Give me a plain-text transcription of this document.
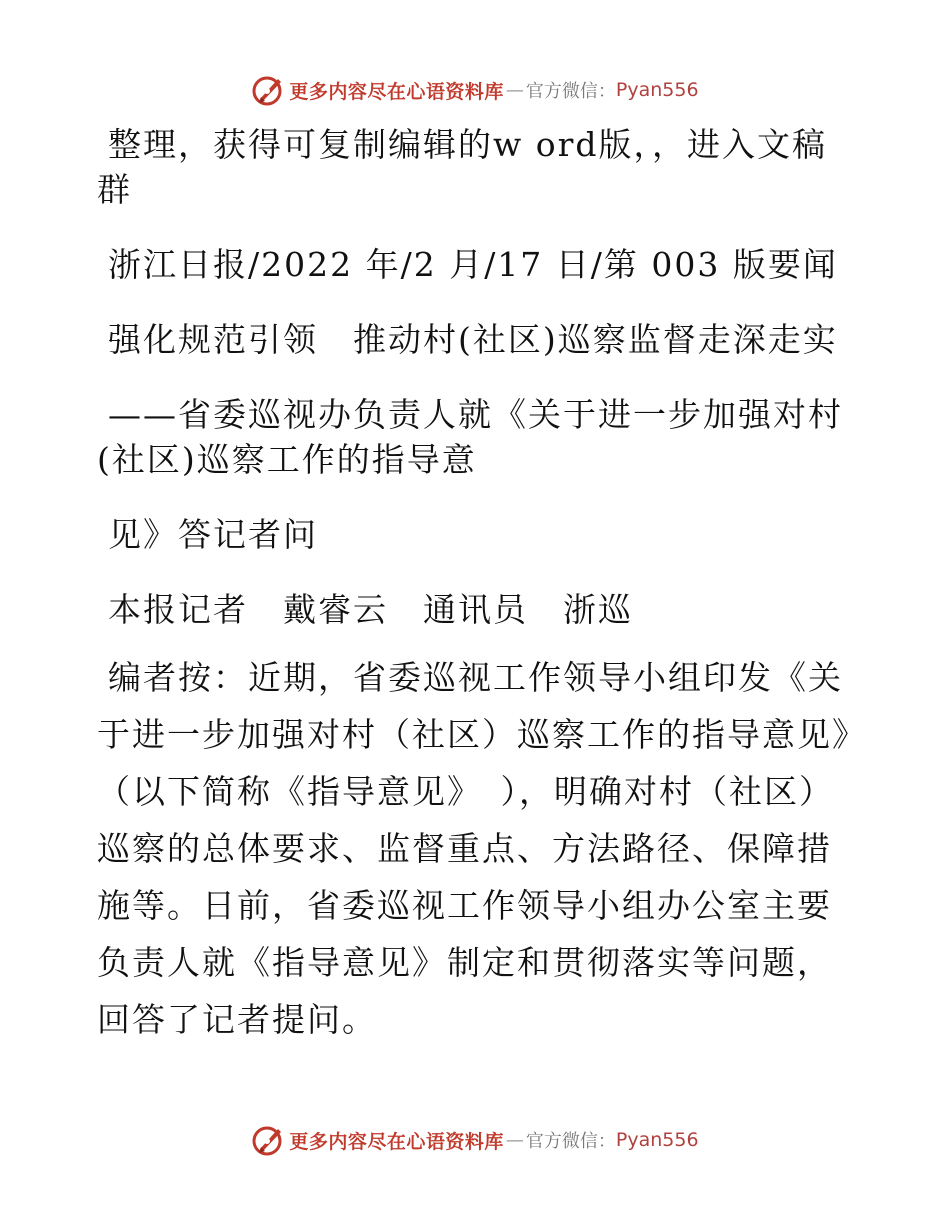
更多内容尽在心语资料库 — 官方微信： Pyan556

整理，获得可复制编辑的w ord版，，进入文稿群

浙江日报/2022 年/2 月/17 日/第 003 版要闻

强化规范引领　推动村(社区)巡察监督走深走实

——省委巡视办负责人就《关于进一步加强对村(社区)巡察工作的指导意

见》答记者问

本报记者　戴睿云　通讯员　浙巡

编者按：近期，省委巡视工作领导小组印发《关于进一步加强对村（社区）巡察工作的指导意见》（以下简称《指导意见》　），明确对村（社区）巡察的总体要求、监督重点、方法路径、保障措施等。日前，省委巡视工作领导小组办公室主要负责人就《指导意见》制定和贯彻落实等问题，回答了记者提问。

更多内容尽在心语资料库 — 官方微信： Pyan556
